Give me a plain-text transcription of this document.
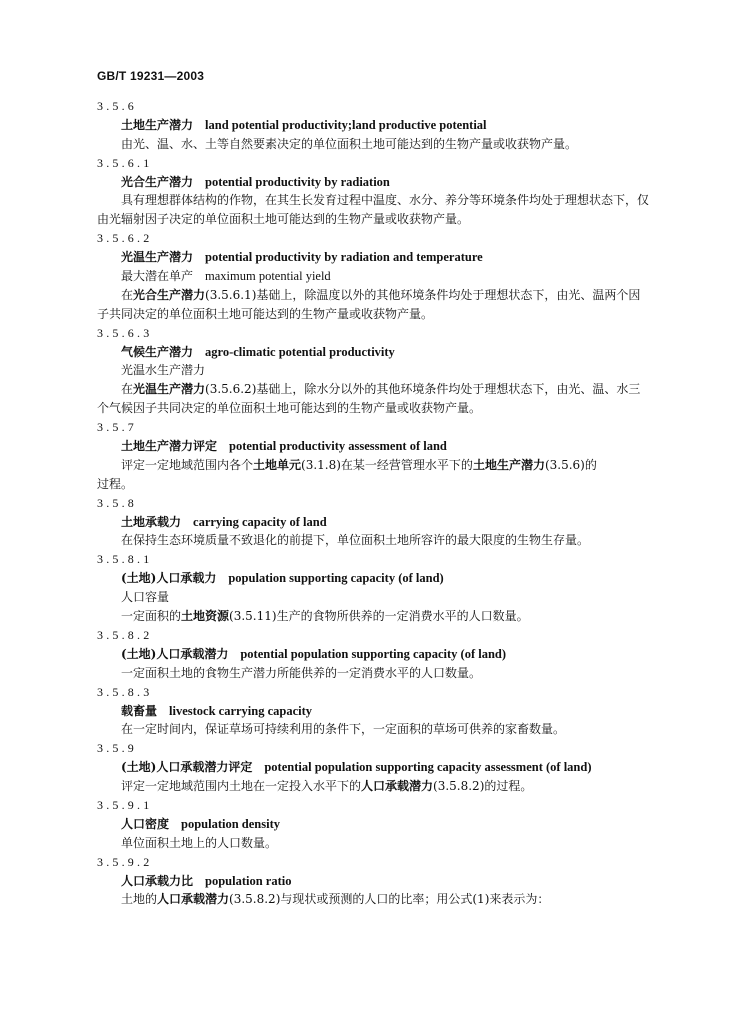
GB/T 19231—2003
3.5.6
土地生产潜力 land potential productivity;land productive potential
由光、温、水、土等自然要素决定的单位面积土地可能达到的生物产量或收获物产量。
3.5.6.1
光合生产潜力 potential productivity by radiation
具有理想群体结构的作物，在其生长发育过程中温度、水分、养分等环境条件均处于理想状态下，仅
由光辐射因子决定的单位面积土地可能达到的生物产量或收获物产量。
3.5.6.2
光温生产潜力 potential productivity by radiation and temperature
最大潜在单产 maximum potential yield
在光合生产潜力(3.5.6.1)基础上，除温度以外的其他环境条件均处于理想状态下，由光、温两个因
子共同决定的单位面积土地可能达到的生物产量或收获物产量。
3.5.6.3
气候生产潜力 agro-climatic potential productivity
光温水生产潜力
在光温生产潜力(3.5.6.2)基础上，除水分以外的其他环境条件均处于理想状态下，由光、温、水三
个气候因子共同决定的单位面积土地可能达到的生物产量或收获物产量。
3.5.7
土地生产潜力评定 potential productivity assessment of land
评定一定地域范围内各个土地单元(3.1.8)在某一经营管理水平下的土地生产潜力(3.5.6)的
过程。
3.5.8
土地承载力 carrying capacity of land
在保持生态环境质量不致退化的前提下，单位面积土地所容许的最大限度的生物生存量。
3.5.8.1
(土地)人口承载力 population supporting capacity (of land)
人口容量
一定面积的土地资源(3.5.11)生产的食物所供养的一定消费水平的人口数量。
3.5.8.2
(土地)人口承载潜力 potential population supporting capacity (of land)
一定面积土地的食物生产潜力所能供养的一定消费水平的人口数量。
3.5.8.3
载畜量 livestock carrying capacity
在一定时间内，保证草场可持续利用的条件下，一定面积的草场可供养的家畜数量。
3.5.9
(土地)人口承载潜力评定 potential population supporting capacity assessment (of land)
评定一定地域范围内土地在一定投入水平下的人口承载潜力(3.5.8.2)的过程。
3.5.9.1
人口密度 population density
单位面积土地上的人口数量。
3.5.9.2
人口承载力比 population ratio
土地的人口承载潜力(3.5.8.2)与现状或预测的人口的比率；用公式(1)来表示为：
